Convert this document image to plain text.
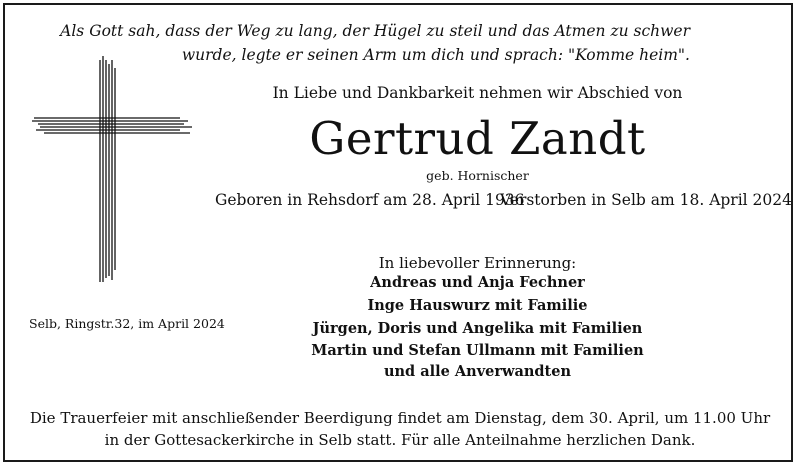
Als Gott sah, dass der Weg zu lang, der Hügel zu steil und das Atmen zu schwer
wurde, legte er seinen Arm um dich und sprach: "Komme heim".
In Liebe und Dankbarkeit nehmen wir Abschied von
Gertrud Zandt
geb. Hornischer
Geboren in Rehsdorf am 28. April 1936
Verstorben in Selb am 18. April 2024
In liebevoller Erinnerung:
Andreas und Anja Fechner
Inge Hauswurz mit Familie
Jürgen, Doris und Angelika mit Familien
Martin und Stefan Ullmann mit Familien
und alle Anverwandten
Selb, Ringstr.32, im April 2024
Die Trauerfeier mit anschließender Beerdigung findet am Dienstag, dem 30. April, um 11.00 Uhr
in der Gottesackerkirche in Selb statt. Für alle Anteilnahme herzlichen Dank.
